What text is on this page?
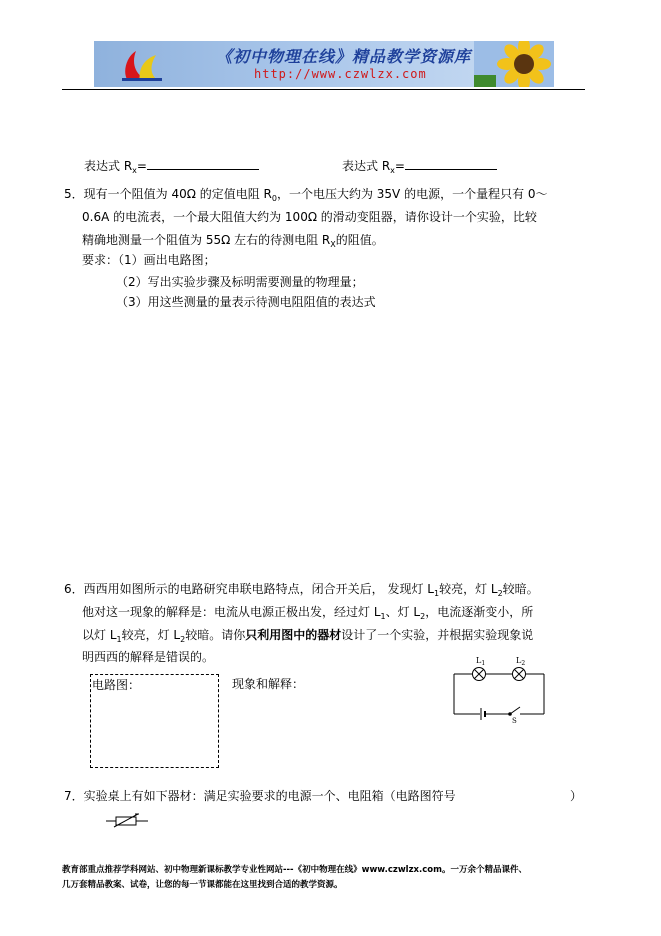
《初中物理在线》精品教学资源库
http://www.czwlzx.com
表达式 $R_x=$	表达式 $R_x=$
5．现有一个阻值为 40Ω 的定值电阻 $R_0$，一个电压大约为 35V 的电源，一个量程只有 0～
0.6A 的电流表，一个最大阻值大约为 100Ω 的滑动变阻器，请你设计一个实验，比较
精确地测量一个阻值为 55Ω 左右的待测电阻 $R_X$的阻值。
要求：（1）画出电路图；
（2）写出实验步骤及标明需要测量的物理量；
（3）用这些测量的量表示待测电阻阻值的表达式
6．西西用如图所示的电路研究串联电路特点，闭合开关后， 发现灯 $L_1$较亮，灯 $L_2$较暗。
他对这一现象的解释是：电流从电源正极出发，经过灯 $L_1$、灯 $L_2$，电流逐渐变小，所
以灯 $L_1$较亮，灯 $L_2$较暗。请你只利用图中的器材设计了一个实验，并根据实验现象说
明西西的解释是错误的。
电路图：	现象和解释：
$L_1$	$L_2$
S
7．实验桌上有如下器材：满足实验要求的电源一个、电阻箱（电路图符号	）
教育部重点推荐学科网站、初中物理新课标教学专业性网站---《初中物理在线》www.czwlzx.com。一万余个精品课件、
几万套精品教案、试卷，让您的每一节课都能在这里找到合适的教学资源。
